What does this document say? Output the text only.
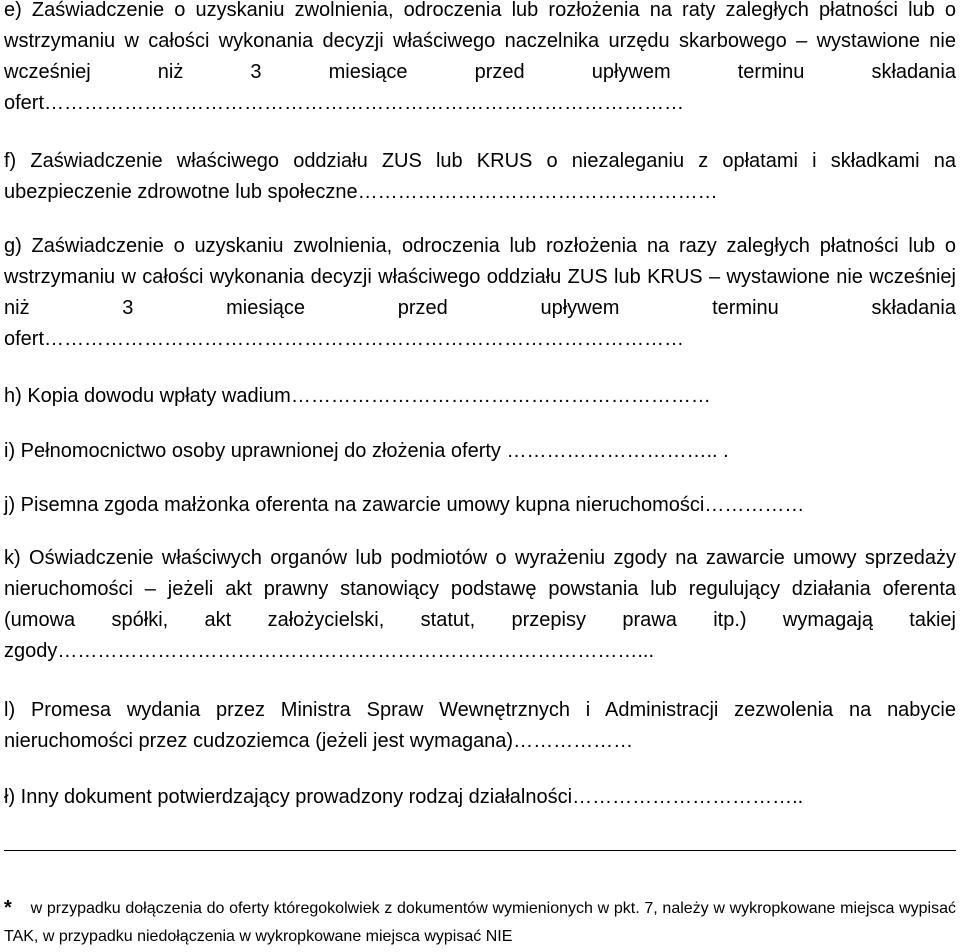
e) Zaświadczenie o uzyskaniu zwolnienia, odroczenia lub rozłożenia na raty zaległych płatności lub o wstrzymaniu w całości wykonania decyzji właściwego naczelnika urzędu skarbowego – wystawione nie wcześniej niż 3 miesiące przed upływem terminu składania ofert……………………………………………………………………………………

f) Zaświadczenie właściwego oddziału ZUS lub KRUS o niezaleganiu z opłatami i składkami na ubezpieczenie zdrowotne lub społeczne………………………………………………

g) Zaświadczenie o uzyskaniu zwolnienia, odroczenia lub rozłożenia na razy zaległych płatności lub o wstrzymaniu w całości wykonania decyzji właściwego oddziału ZUS lub KRUS – wystawione nie wcześniej niż 3 miesiące przed upływem terminu składania ofert……………………………………………………………………………………

h) Kopia dowodu wpłaty wadium………………………………………………………

i) Pełnomocnictwo osoby uprawnionej do złożenia oferty ………………………….. .

j) Pisemna zgoda małżonka oferenta na zawarcie umowy kupna nieruchomości……………

k) Oświadczenie właściwych organów lub podmiotów o wyrażeniu zgody na zawarcie umowy sprzedaży nieruchomości – jeżeli akt prawny stanowiący podstawę powstania lub regulujący działania oferenta (umowa spółki, akt założycielski, statut, przepisy prawa itp.) wymagają takiej zgody……………………………………………………………………………...

l) Promesa wydania przez Ministra Spraw Wewnętrznych i Administracji zezwolenia na nabycie nieruchomości przez cudzoziemca (jeżeli jest wymagana)………………

ł) Inny dokument potwierdzający prowadzony rodzaj działalności……………………………..

* w przypadku dołączenia do oferty któregokolwiek z dokumentów wymienionych w pkt. 7, należy w wykropkowane miejsca wypisać TAK, w przypadku niedołączenia w wykropkowane miejsca wypisać NIE
